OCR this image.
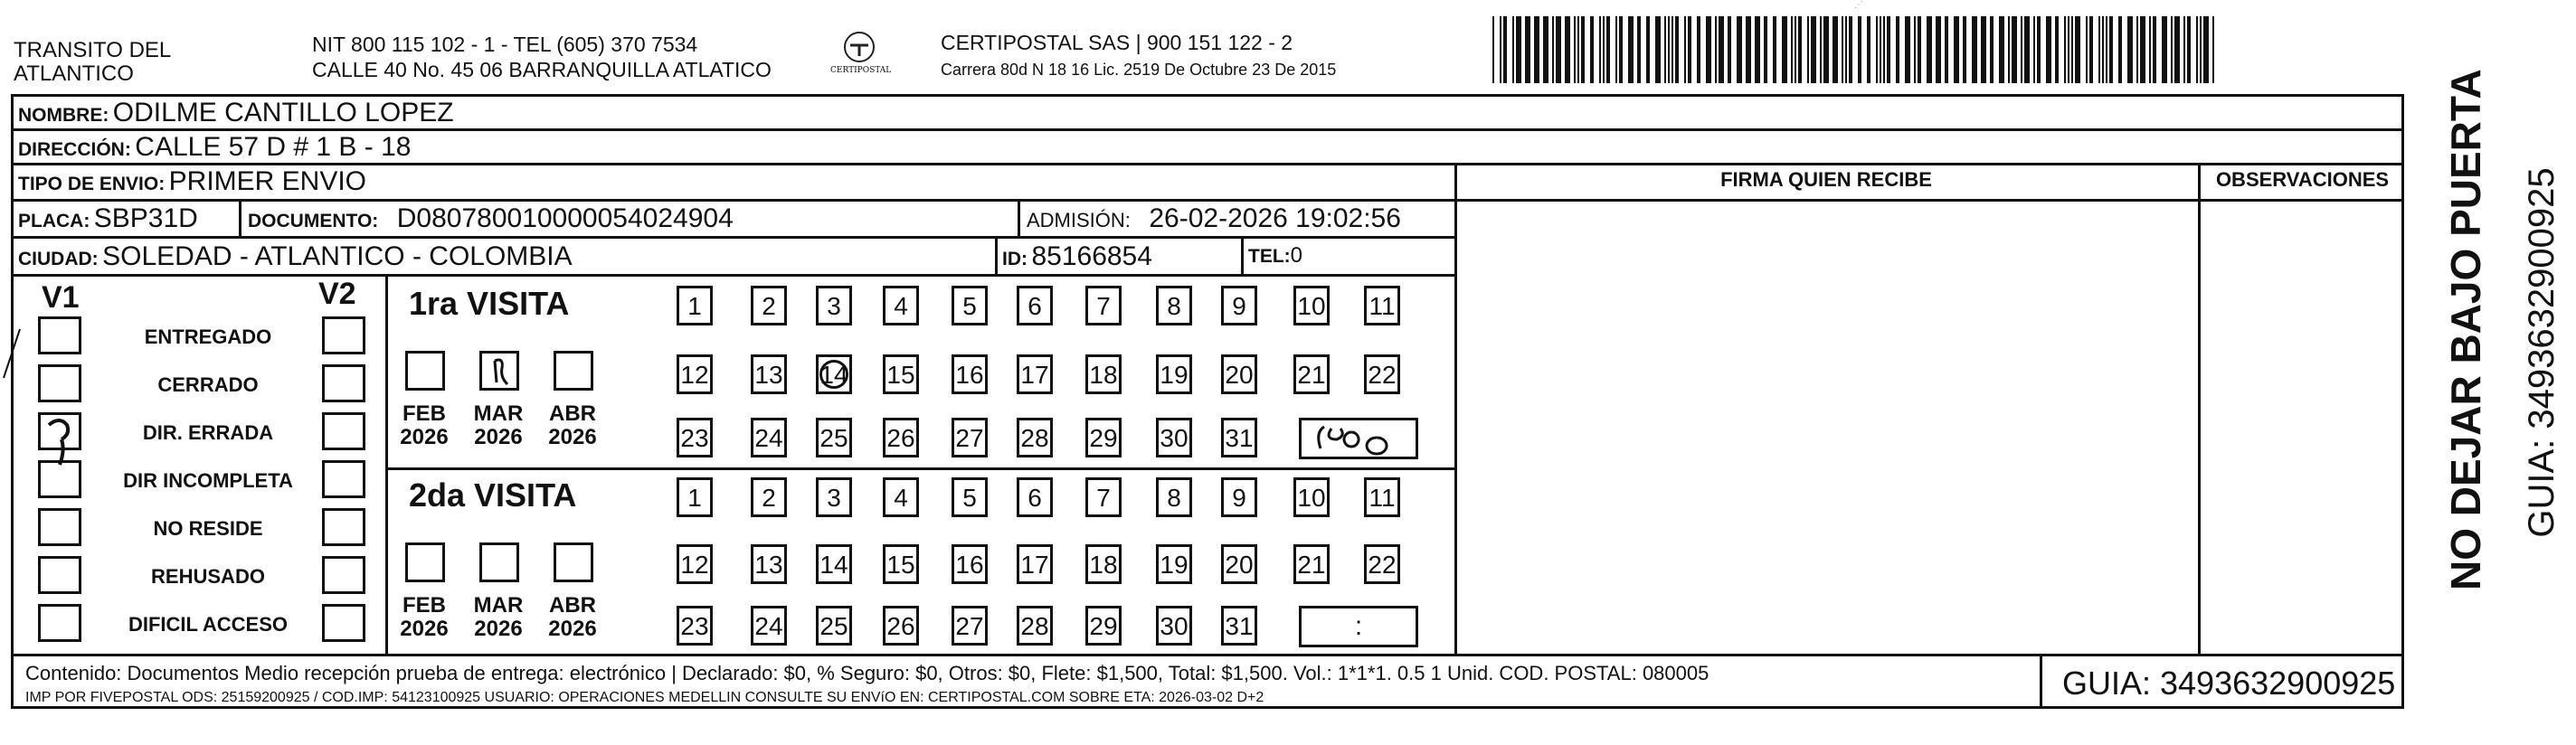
TRANSITO DEL
ATLANTICO
NIT 800 115 102 - 1 - TEL (605) 370 7534
CALLE 40 No. 45 06 BARRANQUILLA ATLATICO	CERTIPOSTAL
CERTIPOSTAL SAS | 900 151 122 - 2
Carrera 80d N 18 16 Lic. 2519 De Octubre 23 De 2015
⋰
NOMBRE: ODILME CANTILLO LOPEZ
DIRECCIÓN: CALLE 57 D # 1 B - 18
TIPO DE ENVIO: PRIMER ENVIO	FIRMA QUIEN RECIBE	OBSERVACIONES
PLACA: SBP31D	DOCUMENTO: D080780010000054024904	ADMISIÓN: 26-02-2026 19:02:56
CIUDAD: SOLEDAD - ATLANTICO - COLOMBIA	ID: 85166854	TEL:0
V1	V2
ENTREGADO
CERRADO
DIR. ERRADA
DIR INCOMPLETA
NO RESIDE
REHUSADO
DIFICIL ACCESO
1ra VISITA
FEB
2026
MAR
2026
ABR
2026
1	2	3	4	5	6	7	8	9	10 11
12 13 14 15 16 17 18 19 20 21 22
23 24 25 26 27 28 29 30 31
2da VISITA
FEB
2026
MAR
2026
ABR
2026
1	2	3	4	5	6	7	8	9	10 11
12 13 14 15 16 17 18 19 20 21 22
23 24 25 26 27 28 29 30 31	:
Contenido: Documentos Medio recepción prueba de entrega: electrónico | Declarado: $0, % Seguro: $0, Otros: $0, Flete: $1,500, Total: $1,500. Vol.: 1*1*1. 0.5 1 Unid. COD. POSTAL: 080005
IMP POR FIVEPOSTAL ODS: 25159200925 / COD.IMP: 54123100925 USUARIO: OPERACIONES MEDELLIN CONSULTE SU ENVíO EN: CERTIPOSTAL.COM SOBRE ETA: 2026-03-02 D+2	GUIA: 3493632900925
NO DEJAR BAJO PUERTA GUIA: 3493632900925
